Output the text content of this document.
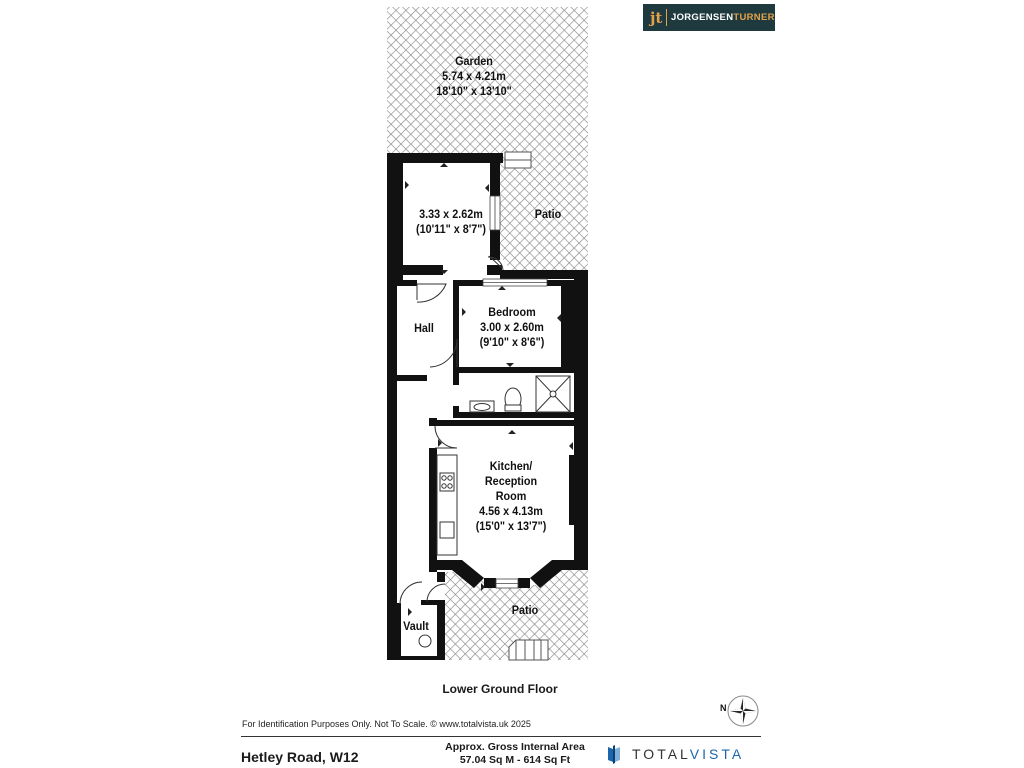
Garden
5.74 x 4.21m
18'10" x 13'10"
3.33 x 2.62m
(10'11" x 8'7")
Patio
Hall
Bedroom
3.00 x 2.60m
(9'10" x 8'6")
Kitchen/
Reception
Room
4.56 x 4.13m
(15'0" x 13'7")
Patio
Vault
jt JORGENSENTURNER
Lower Ground Floor
For Identification Purposes Only. Not To Scale. © www.totalvista.uk 2025
Hetley Road, W12
Approx. Gross Internal Area
57.04 Sq M - 614 Sq Ft	TOTALVISTA
N
